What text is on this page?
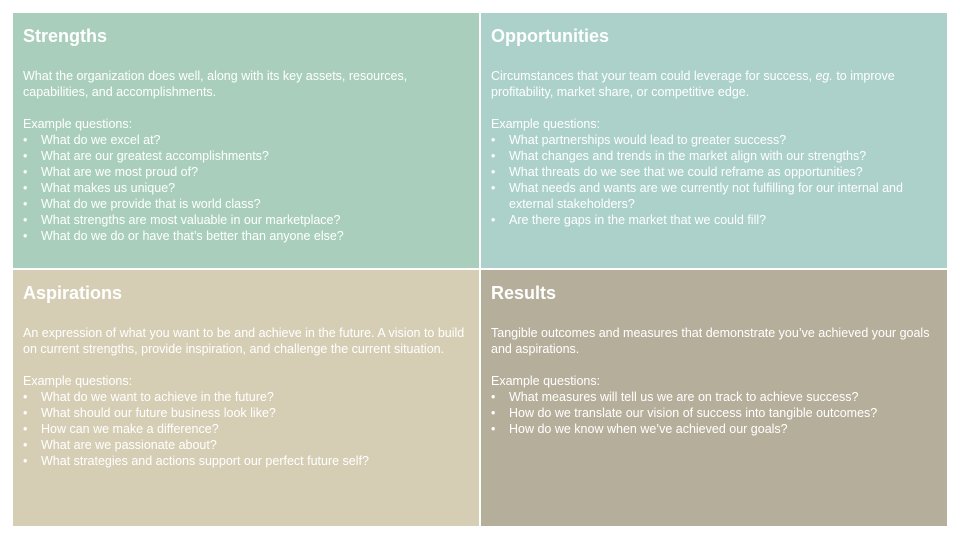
Strengths

What the organization does well, along with its key assets, resources, capabilities, and accomplishments.

Example questions:
• What do we excel at?
• What are our greatest accomplishments?
• What are we most proud of?
• What makes us unique?
• What do we provide that is world class?
• What strengths are most valuable in our marketplace?
• What do we do or have that’s better than anyone else?
Opportunities

Circumstances that your team could leverage for success, eg. to improve profitability, market share, or competitive edge.

Example questions:
• What partnerships would lead to greater success?
• What changes and trends in the market align with our strengths?
• What threats do we see that we could reframe as opportunities?
• What needs and wants are we currently not fulfilling for our internal and external stakeholders?
• Are there gaps in the market that we could fill?
Aspirations

An expression of what you want to be and achieve in the future. A vision to build on current strengths, provide inspiration, and challenge the current situation.

Example questions:
• What do we want to achieve in the future?
• What should our future business look like?
• How can we make a difference?
• What are we passionate about?
• What strategies and actions support our perfect future self?
Results

Tangible outcomes and measures that demonstrate you’ve achieved your goals and aspirations.

Example questions:
• What measures will tell us we are on track to achieve success?
• How do we translate our vision of success into tangible outcomes?
• How do we know when we’ve achieved our goals?
